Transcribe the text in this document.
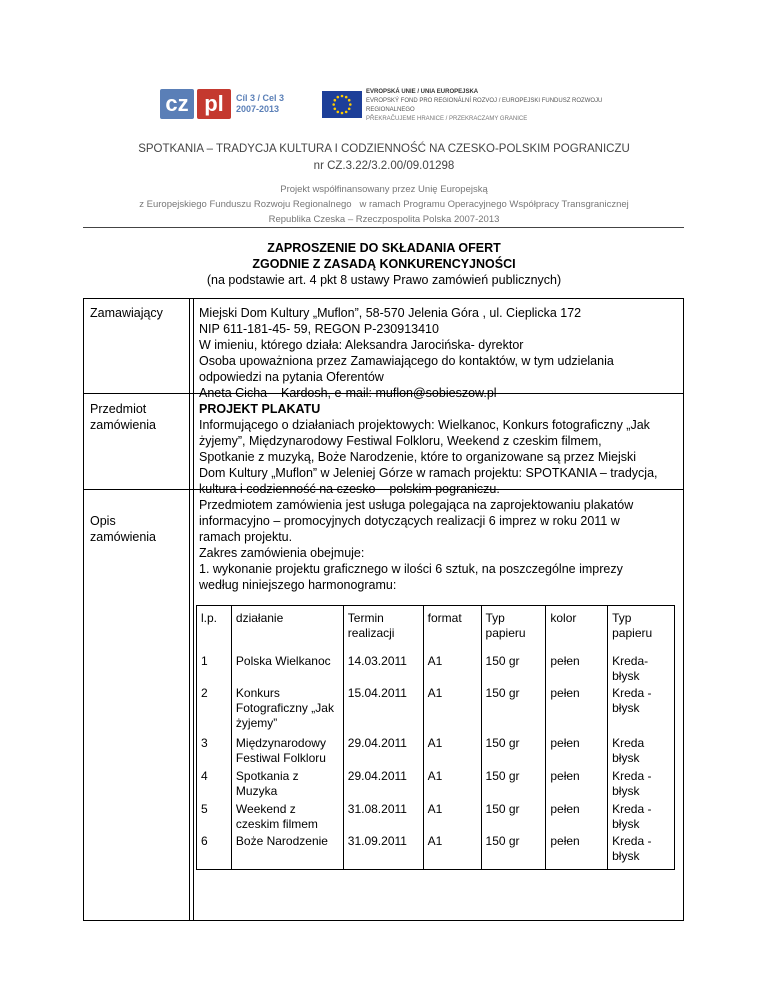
cz pl	Cíl 3 / Cel 3
2007-2013
EVROPSKÁ UNIE / UNIA EUROPEJSKA
EVROPSKÝ FOND PRO REGIONÁLNÍ ROZVOJ / EUROPEJSKI FUNDUSZ ROZWOJU REGIONALNEGO
PŘEKRAČUJEME HRANICE / PRZEKRACZAMY GRANICE
SPOTKANIA – TRADYCJA KULTURA I CODZIENNOŚĆ NA CZESKO-POLSKIM POGRANICZU
nr CZ.3.22/3.2.00/09.01298
Projekt współfinansowany przez Unię Europejską
z Europejskiego Funduszu Rozwoju Regionalnego   w ramach Programu Operacyjnego Współpracy Transgranicznej
Republika Czeska – Rzeczpospolita Polska 2007-2013
ZAPROSZENIE DO SKŁADANIA OFERT
ZGODNIE Z ZASADĄ KONKURENCYJNOŚCI
(na podstawie art. 4 pkt 8 ustawy Prawo zamówień publicznych)
Zamawiający	Miejski Dom Kultury „Muflon”, 58-570 Jelenia Góra , ul. Cieplicka 172

NIP 611-181-45- 59, REGON P-230913410

W imieniu, którego działa: Aleksandra Jarocińska- dyrektor

Osoba upoważniona przez Zamawiającego do kontaktów, w tym udzielania

odpowiedzi na pytania Oferentów

Aneta Cicha – Kardosh, e-mail: muflon@sobieszow.pl

Przedmiot
zamówienia

PROJEKT PLAKATU

Informującego o działaniach projektowych: Wielkanoc, Konkurs fotograficzny „Jak

żyjemy”, Międzynarodowy Festiwal Folkloru, Weekend z czeskim filmem,

Spotkanie z muzyką, Boże Narodzenie, które to organizowane są przez Miejski

Dom Kultury „Muflon” w Jeleniej Górze w ramach projektu: SPOTKANIA – tradycja,

kultura i codzienność na czesko – polskim pograniczu.

Opis
zamówienia

Przedmiotem zamówienia jest usługa polegająca na zaprojektowaniu plakatów

informacyjno – promocyjnych dotyczących realizacji 6 imprez w roku 2011 w

ramach projektu.

Zakres zamówienia obejmuje:

1. wykonanie projektu graficznego w ilości 6 sztuk, na poszczególne imprezy

według niniejszego harmonogramu:

l.p.	działanie	Termin realizacji	format	Typ papieru	kolor	Typ papieru
1	Polska Wielkanoc	14.03.2011	A1	150 gr	pełen	Kreda-błysk
2	Konkurs Fotograficzny „Jak żyjemy”	15.04.2011	A1	150 gr	pełen	Kreda - błysk
3	Międzynarodowy Festiwal Folkloru	29.04.2011	A1	150 gr	pełen	Kreda błysk
4	Spotkania z Muzyka	29.04.2011	A1	150 gr	pełen	Kreda - błysk
5	Weekend z czeskim filmem	31.08.2011	A1	150 gr	pełen	Kreda - błysk
6	Boże Narodzenie	31.09.2011	A1	150 gr	pełen	Kreda - błysk
